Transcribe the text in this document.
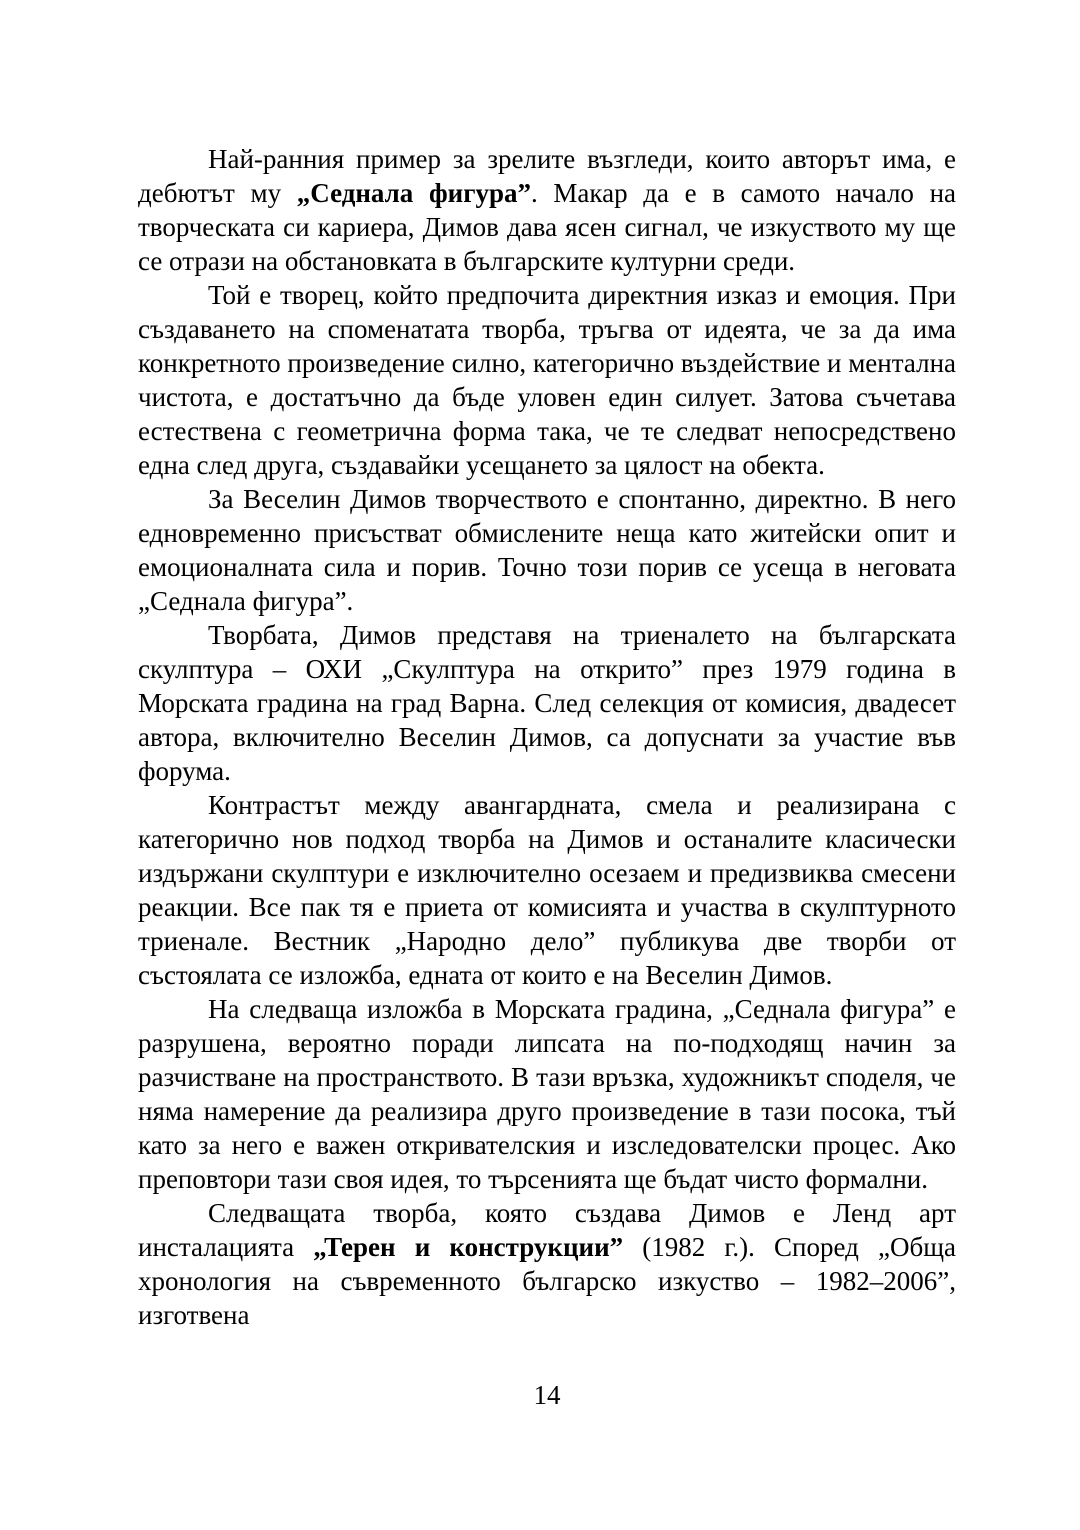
Най-ранния пример за зрелите възгледи, които авторът има, е дебютът му „Седнала фигура”. Макар да е в самото начало на творческата си кариера, Димов дава ясен сигнал, че изкуството му ще се отрази на обстановката в българските културни среди.

Той е творец, който предпочита директния изказ и емоция. При създаването на споменатата творба, тръгва от идеята, че за да има конкретното произведение силно, категорично въздействие и ментална чистота, е достатъчно да бъде уловен един силует. Затова съчетава естествена с геометрична форма така, че те следват непосредствено една след друга, създавайки усещането за цялост на обекта.

За Веселин Димов творчеството е спонтанно, директно. В него едновременно присъстват обмислените неща като житейски опит и емоционалната сила и порив. Точно този порив се усеща в неговата „Седнала фигура”.

Творбата, Димов представя на триеналето на българската скулптура – ОХИ „Скулптура на открито” през 1979 година в Морската градина на град Варна. След селекция от комисия, двадесет автора, включително Веселин Димов, са допуснати за участие във форума.

Контрастът между авангардната, смела и реализирана с категорично нов подход творба на Димов и останалите класически издържани скулптури е изключително осезаем и предизвиква смесени реакции. Все пак тя е приета от комисията и участва в скулптурното триенале. Вестник „Народно дело” публикува две творби от състоялата се изложба, едната от които е на Веселин Димов.

На следваща изложба в Морската градина, „Седнала фигура” е разрушена, вероятно поради липсата на по-подходящ начин за разчистване на пространството. В тази връзка, художникът споделя, че няма намерение да реализира друго произведение в тази посока, тъй като за него е важен откривателския и изследователски процес. Ако преповтори тази своя идея, то търсенията ще бъдат чисто формални.

Следващата творба, която създава Димов е Ленд арт инсталацията „Терен и конструкции” (1982 г.). Според „Обща хронология на съвременното българско изкуство – 1982–2006”, изготвена

14
